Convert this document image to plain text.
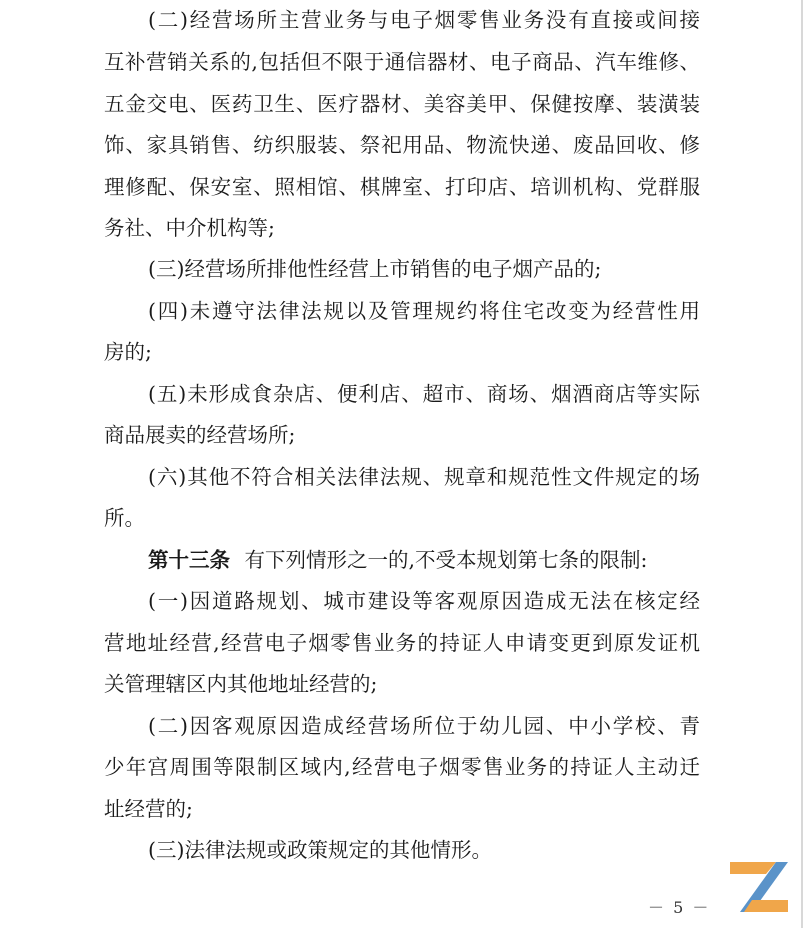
(二)经营场所主营业务与电子烟零售业务没有直接或间接
互补营销关系的,包括但不限于通信器材、电子商品、汽车维修、
五金交电、医药卫生、医疗器材、美容美甲、保健按摩、装潢装
饰、家具销售、纺织服装、祭祀用品、物流快递、废品回收、修
理修配、保安室、照相馆、棋牌室、打印店、培训机构、党群服
务社、中介机构等;
(三)经营场所排他性经营上市销售的电子烟产品的;
(四)未遵守法律法规以及管理规约将住宅改变为经营性用
房的;
(五)未形成食杂店、便利店、超市、商场、烟酒商店等实际
商品展卖的经营场所;
(六)其他不符合相关法律法规、规章和规范性文件规定的场
所。
第十三条 有下列情形之一的,不受本规划第七条的限制:
(一)因道路规划、城市建设等客观原因造成无法在核定经
营地址经营,经营电子烟零售业务的持证人申请变更到原发证机
关管理辖区内其他地址经营的;
(二)因客观原因造成经营场所位于幼儿园、中小学校、青
少年宫周围等限制区域内,经营电子烟零售业务的持证人主动迁
址经营的;
(三)法律法规或政策规定的其他情形。
－ 5 －
